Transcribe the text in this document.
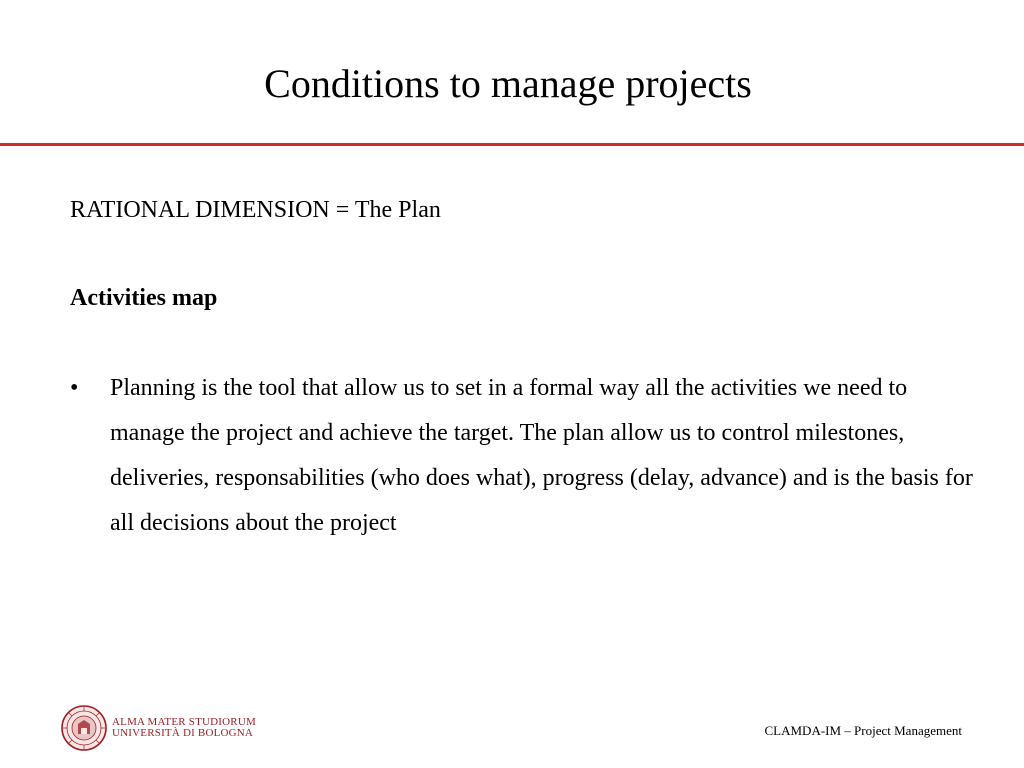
Conditions to manage projects

RATIONAL DIMENSION = The Plan

Activities map

• Planning is the tool that allow us to set in a formal way all the activities we need to manage the project and achieve the target. The plan allow us to control milestones, deliveries, responsabilities (who does what), progress (delay, advance) and is the basis for all decisions about the project
ALMA MATER STUDIORUM
UNIVERSITÀ DI BOLOGNA	CLAMDA-IM – Project Management
